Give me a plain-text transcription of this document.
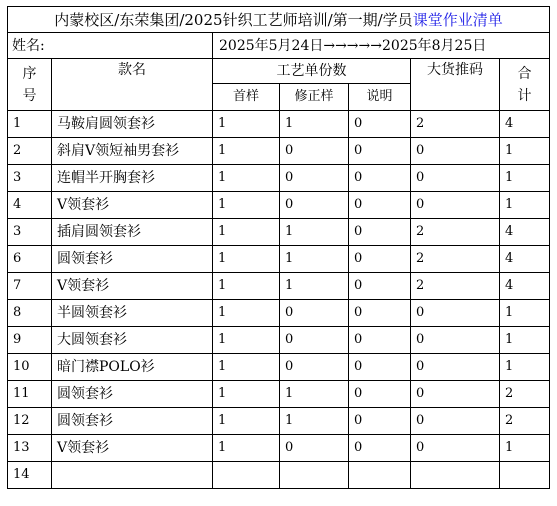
内蒙校区/东荣集团/2025针织工艺师培训/第一期/学员课堂作业清单						
姓名:		2025年5月24日→→→→→2025年8月25日				

序
号	款名	工艺单份数			大货推码	合
计

		首样	修正样	说明		
1	马鞍肩圆领套衫	1	1	0	2	4
2	斜肩V领短袖男套衫	1	0	0	0	1
3	连帽半开胸套衫	1	0	0	0	1
4	V领套衫	1	0	0	0	1
3	插肩圆领套衫	1	1	0	2	4
6	圆领套衫	1	1	0	2	4
7	V领套衫	1	1	0	2	4
8	半圆领套衫	1	0	0	0	1
9	大圆领套衫	1	0	0	0	1
10	暗门襟POLO衫	1	0	0	0	1
11	圆领套衫	1	1	0	0	2
12	圆领套衫	1	1	0	0	2
13	V领套衫	1	0	0	0	1
14						
